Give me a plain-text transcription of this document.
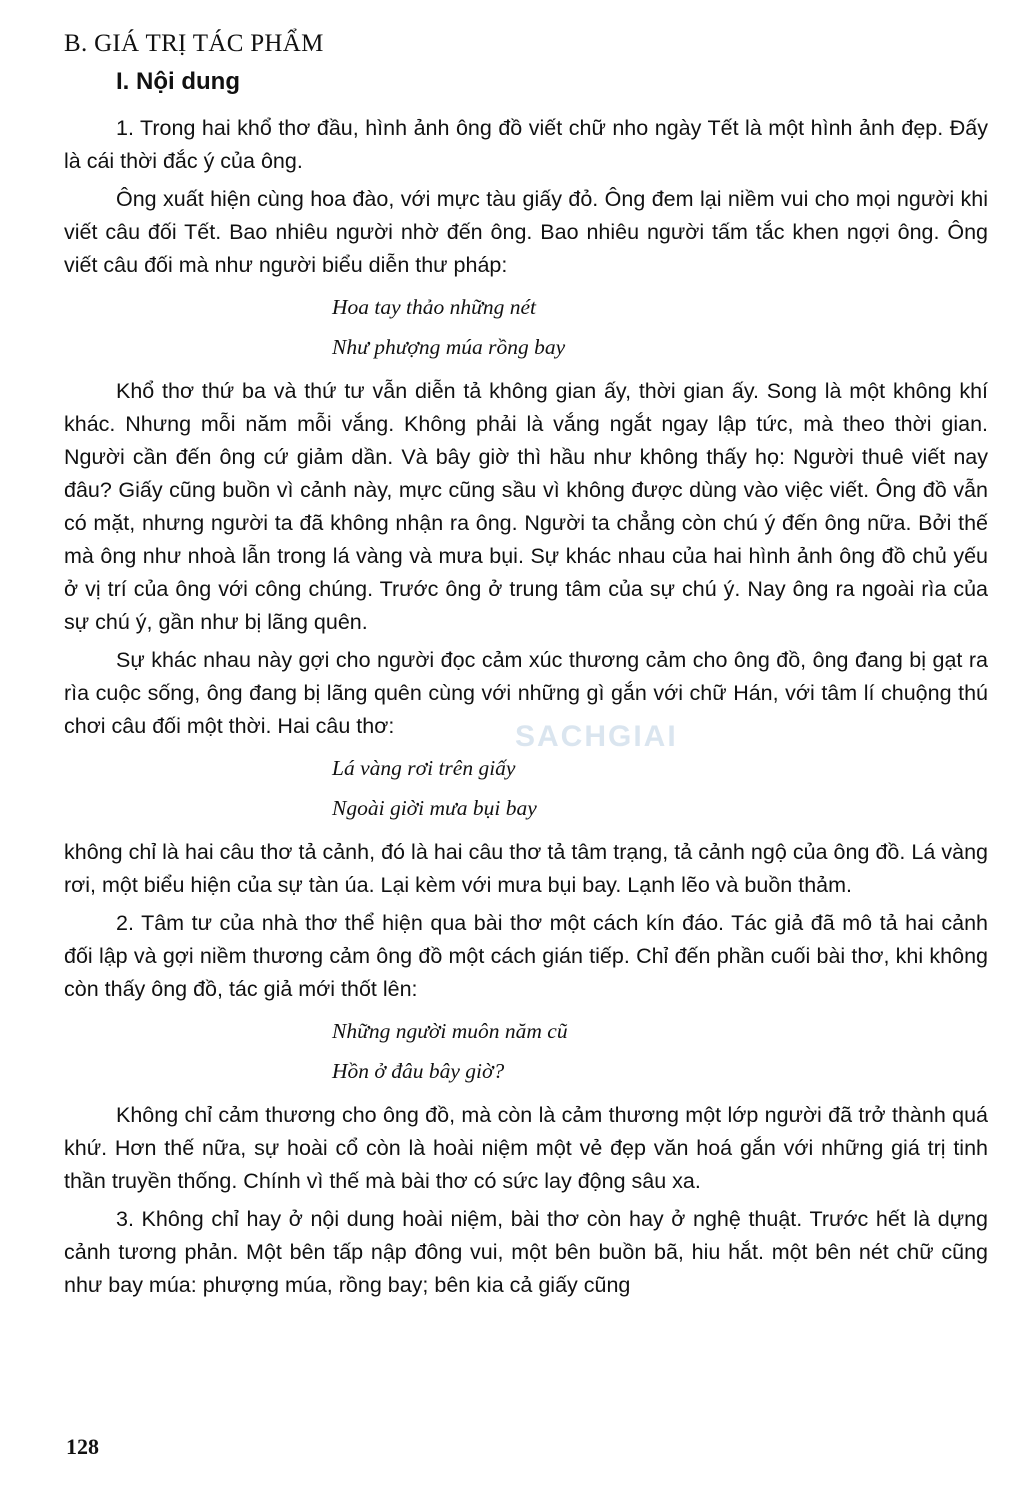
B. GIÁ TRỊ TÁC PHẨM
I. Nội dung

1. Trong hai khổ thơ đầu, hình ảnh ông đồ viết chữ nho ngày Tết là một hình ảnh đẹp. Đấy là cái thời đắc ý của ông.

Ông xuất hiện cùng hoa đào, với mực tàu giấy đỏ. Ông đem lại niềm vui cho mọi người khi viết câu đối Tết. Bao nhiêu người nhờ đến ông. Bao nhiêu người tấm tắc khen ngợi ông. Ông viết câu đối mà như người biểu diễn thư pháp:

Hoa tay thảo những nét
Như phượng múa rồng bay

Khổ thơ thứ ba và thứ tư vẫn diễn tả không gian ấy, thời gian ấy. Song là một không khí khác. Nhưng mỗi năm mỗi vắng. Không phải là vắng ngắt ngay lập tức, mà theo thời gian. Người cần đến ông cứ giảm dần. Và bây giờ thì hầu như không thấy họ: Người thuê viết nay đâu? Giấy cũng buồn vì cảnh này, mực cũng sầu vì không được dùng vào việc viết. Ông đồ vẫn có mặt, nhưng người ta đã không nhận ra ông. Người ta chẳng còn chú ý đến ông nữa. Bởi thế mà ông như nhoà lẫn trong lá vàng và mưa bụi. Sự khác nhau của hai hình ảnh ông đồ chủ yếu ở vị trí của ông với công chúng. Trước ông ở trung tâm của sự chú ý. Nay ông ra ngoài rìa của sự chú ý, gần như bị lãng quên.

Sự khác nhau này gợi cho người đọc cảm xúc thương cảm cho ông đồ, ông đang bị gạt ra rìa cuộc sống, ông đang bị lãng quên cùng với những gì gắn với chữ Hán, với tâm lí chuộng thú chơi câu đối một thời. Hai câu thơ:

Lá vàng rơi trên giấy
Ngoài giời mưa bụi bay

không chỉ là hai câu thơ tả cảnh, đó là hai câu thơ tả tâm trạng, tả cảnh ngộ của ông đồ. Lá vàng rơi, một biểu hiện của sự tàn úa. Lại kèm với mưa bụi bay. Lạnh lẽo và buồn thảm.

2. Tâm tư của nhà thơ thể hiện qua bài thơ một cách kín đáo. Tác giả đã mô tả hai cảnh đối lập và gợi niềm thương cảm ông đồ một cách gián tiếp. Chỉ đến phần cuối bài thơ, khi không còn thấy ông đồ, tác giả mới thốt lên:

Những người muôn năm cũ
Hồn ở đâu bây giờ?

Không chỉ cảm thương cho ông đồ, mà còn là cảm thương một lớp người đã trở thành quá khứ. Hơn thế nữa, sự hoài cổ còn là hoài niệm một vẻ đẹp văn hoá gắn với những giá trị tinh thần truyền thống. Chính vì thế mà bài thơ có sức lay động sâu xa.

3. Không chỉ hay ở nội dung hoài niệm, bài thơ còn hay ở nghệ thuật. Trước hết là dựng cảnh tương phản. Một bên tấp nập đông vui, một bên buồn bã, hiu hắt. một bên nét chữ cũng như bay múa: phượng múa, rồng bay; bên kia cả giấy cũng

128
SACHGIAI
